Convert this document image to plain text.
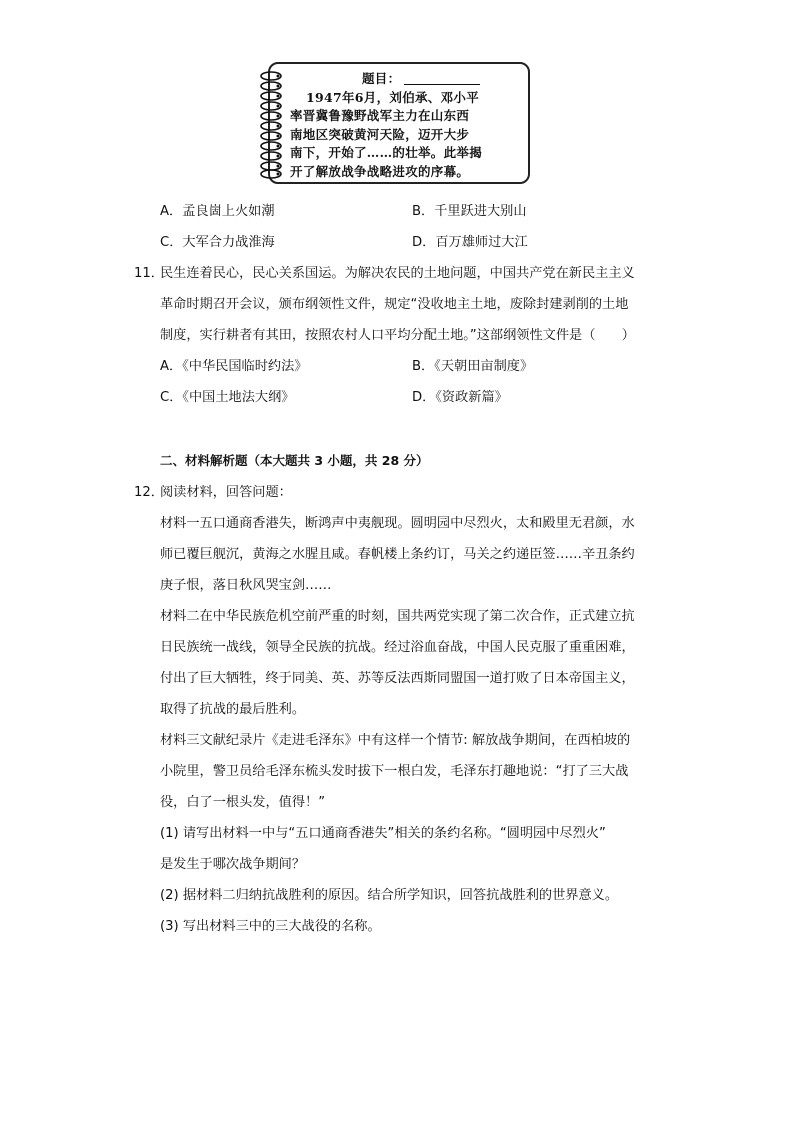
题目：
1947年6月，刘伯承、邓小平
率晋冀鲁豫野战军主力在山东西
南地区突破黄河天险，迈开大步
南下，开始了……的壮举。此举揭
开了解放战争战略进攻的序幕。
A．孟良崮上火如潮	B．千里跃进大别山
C．大军合力战淮海	D．百万雄师过大江
11．
民生连着民心，民心关系国运。为解决农民的土地问题，中国共产党在新民主主义
革命时期召开会议，颁布纲领性文件，规定“没收地主土地，废除封建剥削的土地
制度，实行耕者有其田，按照农村人口平均分配土地。”这部纲领性文件是（　　）
A．《中华民国临时约法》	B．《天朝田亩制度》
C．《中国土地法大纲》	D．《资政新篇》
二、材料解析题（本大题共 3 小题，共 28 分）
12．
阅读材料，回答问题：
材料一五口通商香港失，断鸿声中夷舰现。圆明园中尽烈火，太和殿里无君颜，水
师已覆巨舰沉，黄海之水腥且咸。春帆楼上条约订，马关之约递臣签……辛丑条约
庚子恨，落日秋风哭宝剑……
材料二在中华民族危机空前严重的时刻，国共两党实现了第二次合作，正式建立抗
日民族统一战线，领导全民族的抗战。经过浴血奋战，中国人民克服了重重困难，
付出了巨大牺牲，终于同美、英、苏等反法西斯同盟国一道打败了日本帝国主义，
取得了抗战的最后胜利。
材料三文献纪录片《走进毛泽东》中有这样一个情节: 解放战争期间，在西柏坡的
小院里，警卫员给毛泽东梳头发时拔下一根白发，毛泽东打趣地说：“打了三大战
役，白了一根头发，值得！”
(1) 请写出材料一中与“五口通商香港失”相关的条约名称。“圆明园中尽烈火”
是发生于哪次战争期间？
(2) 据材料二归纳抗战胜利的原因。结合所学知识，回答抗战胜利的世界意义。
(3) 写出材料三中的三大战役的名称。
